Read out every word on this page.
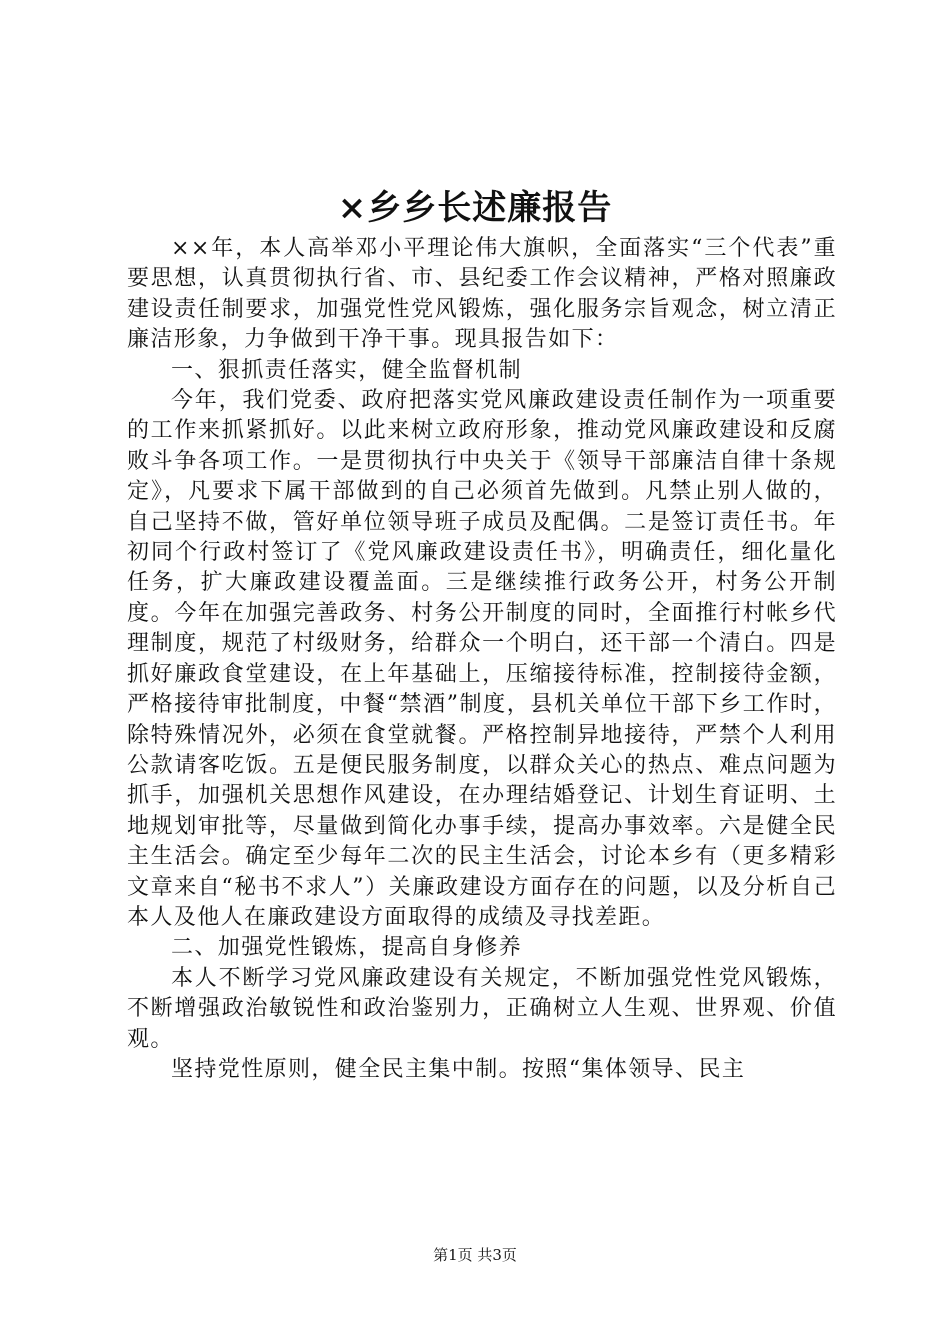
×乡乡长述廉报告

××年，本人高举邓小平理论伟大旗帜，全面落实“三个代表”重要思想，认真贯彻执行省、市、县纪委工作会议精神，严格对照廉政建设责任制要求，加强党性党风锻炼，强化服务宗旨观念，树立清正廉洁形象，力争做到干净干事。现具报告如下：

一、狠抓责任落实，健全监督机制

今年，我们党委、政府把落实党风廉政建设责任制作为一项重要的工作来抓紧抓好。以此来树立政府形象，推动党风廉政建设和反腐败斗争各项工作。一是贯彻执行中央关于《领导干部廉洁自律十条规定》，凡要求下属干部做到的自己必须首先做到。凡禁止别人做的，自己坚持不做，管好单位领导班子成员及配偶。二是签订责任书。年初同个行政村签订了《党风廉政建设责任书》，明确责任，细化量化任务，扩大廉政建设覆盖面。三是继续推行政务公开，村务公开制度。今年在加强完善政务、村务公开制度的同时，全面推行村帐乡代理制度，规范了村级财务，给群众一个明白，还干部一个清白。四是抓好廉政食堂建设，在上年基础上，压缩接待标准，控制接待金额，严格接待审批制度，中餐“禁酒”制度，县机关单位干部下乡工作时，除特殊情况外，必须在食堂就餐。严格控制异地接待，严禁个人利用公款请客吃饭。五是便民服务制度，以群众关心的热点、难点问题为抓手，加强机关思想作风建设，在办理结婚登记、计划生育证明、土地规划审批等，尽量做到简化办事手续，提高办事效率。六是健全民主生活会。确定至少每年二次的民主生活会，讨论本乡有（更多精彩文章来自“秘书不求人”）关廉政建设方面存在的问题，以及分析自己本人及他人在廉政建设方面取得的成绩及寻找差距。

二、加强党性锻炼，提高自身修养

本人不断学习党风廉政建设有关规定，不断加强党性党风锻炼，不断增强政治敏锐性和政治鉴别力，正确树立人生观、世界观、价值观。

坚持党性原则，健全民主集中制。按照“集体领导、民主

第1页 共3页
